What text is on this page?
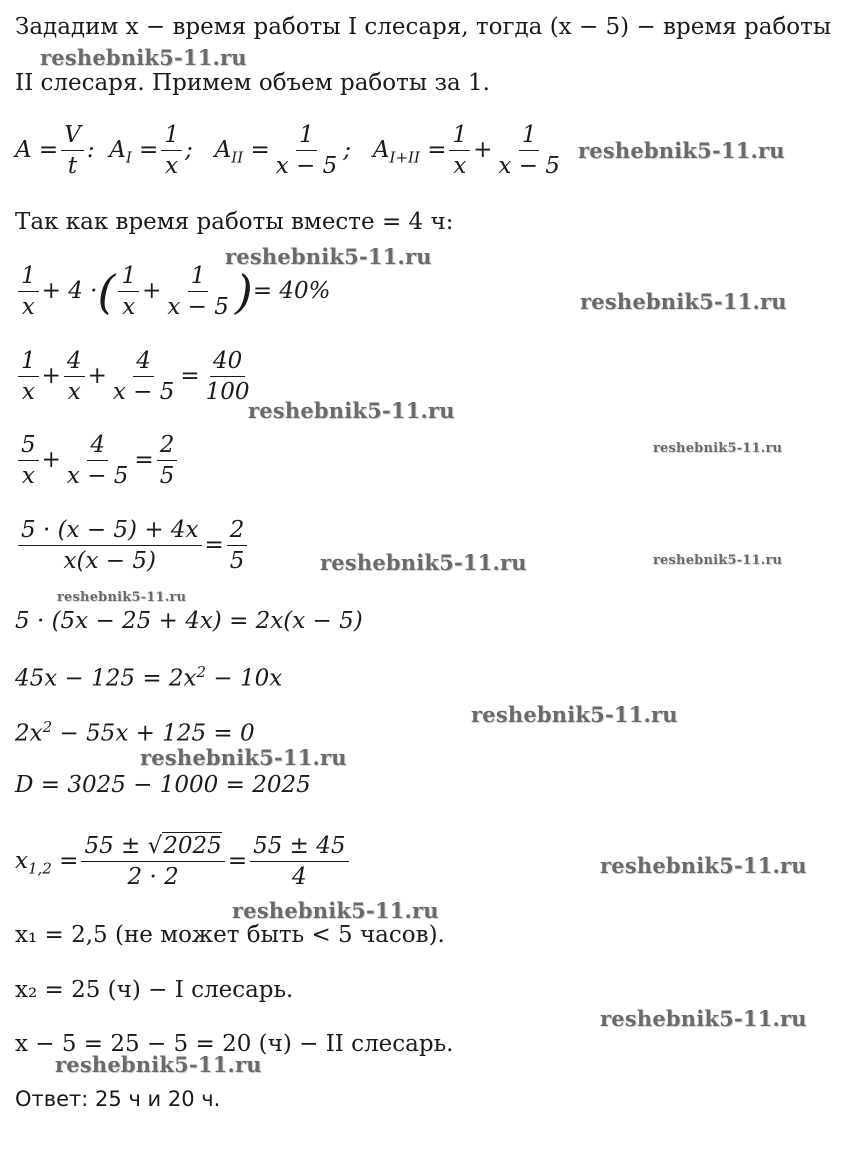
Зададим x − время работы I слесаря, тогда (x − 5) − время работы
II слесаря. Примем объем работы за 1.
$A = \frac{V}{t}$ :  $A_I = \frac{1}{x}$ ;   $A_{II} = \frac{1}{x - 5}$ ;   $A_{I+II} = \frac{1}{x} + \frac{1}{x - 5}$
Так как время работы вместе = 4 ч:
$\frac{1}{x} + 4$ ·( $\frac{1}{x} + \frac{1}{x - 5}$ )= 40%
$\frac{1}{x} + \frac{4}{x} + \frac{4}{x - 5} = \frac{40}{100}$
$\frac{5}{x} + \frac{4}{x - 5} = \frac{2}{5}$
$\frac{5 \cdot (x - 5) + 4x}{x(x - 5)} = \frac{2}{5}$
5 · (5x − 25 + 4x) = 2x(x − 5)
$45x - 125 = 2x^2 - 10x$
$2x^2 - 55x + 125 = 0$
D = 3025 − 1000 = 2025
$x_{1,2} = \frac{55 \pm √2025}{2 \cdot 2} = \frac{55 \pm 45}{4}$
x₁ = 2,5 (не может быть < 5 часов).
x₂ = 25 (ч) − I слесарь.
x − 5 = 25 − 5 = 20 (ч) − II слесарь.
Ответ: 25 ч и 20 ч.
reshebnik5-11.ru
reshebnik5-11.ru
reshebnik5-11.ru
reshebnik5-11.ru
reshebnik5-11.ru
reshebnik5-11.ru
reshebnik5-11.ru	reshebnik5-11.ru
reshebnik5-11.ru
reshebnik5-11.ru
reshebnik5-11.ru
reshebnik5-11.ru
reshebnik5-11.ru
reshebnik5-11.ru
reshebnik5-11.ru
